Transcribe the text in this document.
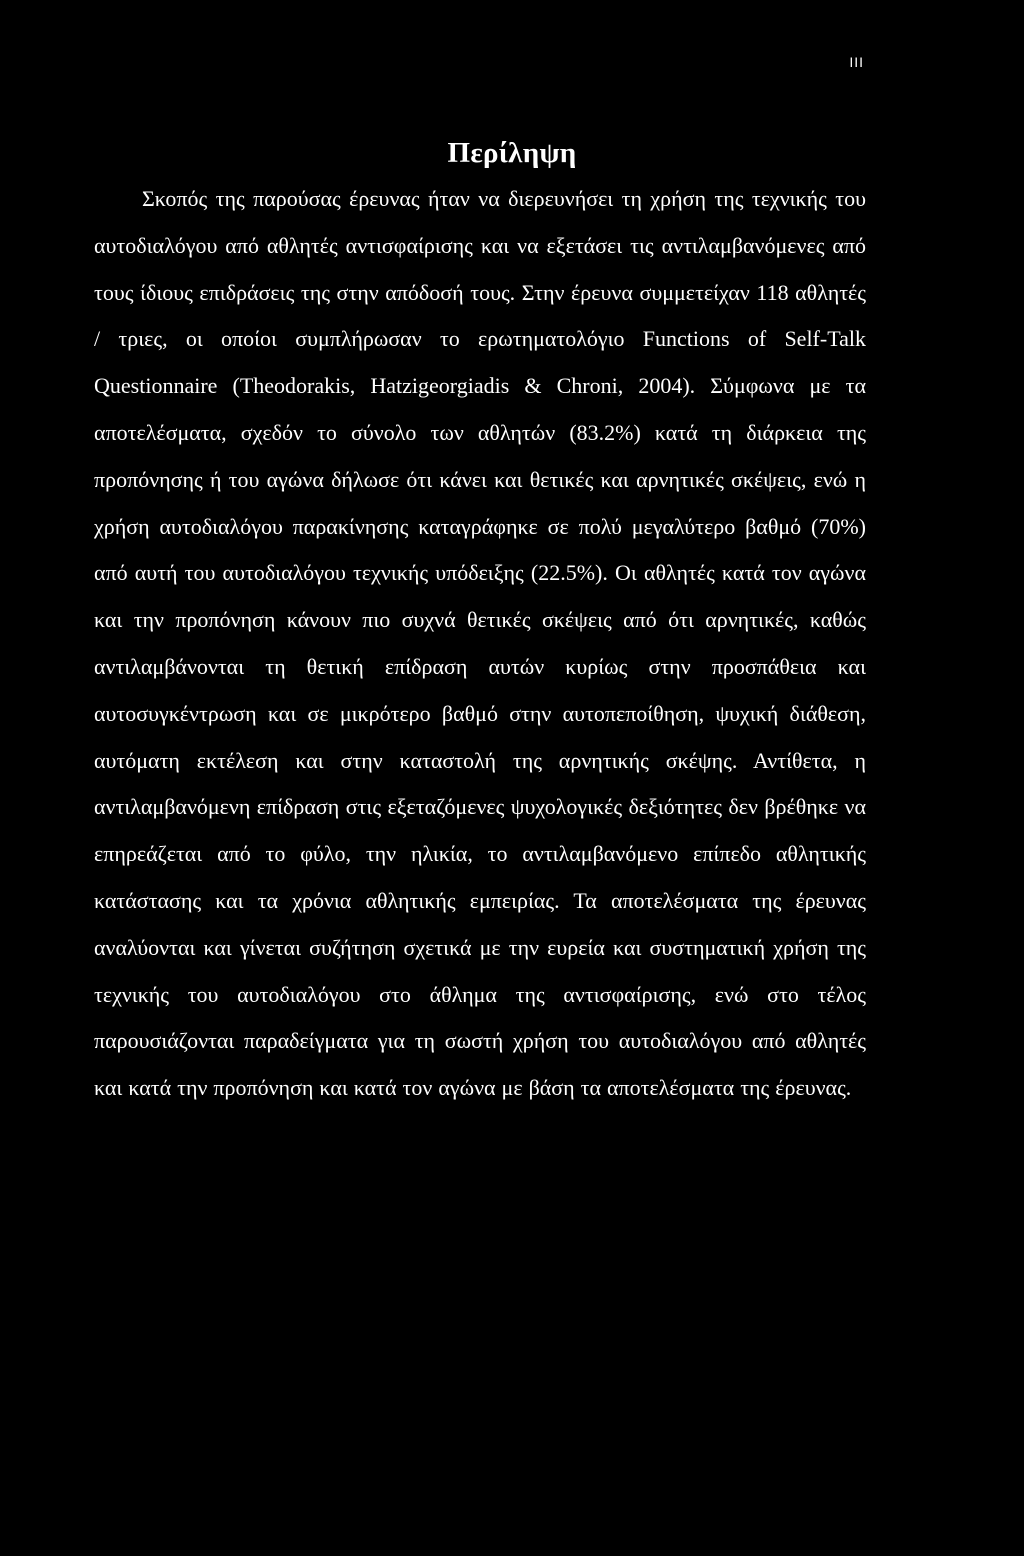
III
Περίληψη

Σκοπός της παρούσας έρευνας ήταν να διερευνήσει τη χρήση της τεχνικής του αυτοδιαλόγου από αθλητές αντισφαίρισης και να εξετάσει τις αντιλαμβανόμενες από τους ίδιους επιδράσεις της στην απόδοσή τους. Στην έρευνα συμμετείχαν 118 αθλητές / τριες, οι οποίοι συμπλήρωσαν το ερωτηματολόγιο Functions of Self-Talk Questionnaire (Theodorakis, Hatzigeorgiadis & Chroni, 2004). Σύμφωνα με τα αποτελέσματα, σχεδόν το σύνολο των αθλητών (83.2%) κατά τη διάρκεια της προπόνησης ή του αγώνα δήλωσε ότι κάνει και θετικές και αρνητικές σκέψεις, ενώ η χρήση αυτοδιαλόγου παρακίνησης καταγράφηκε σε πολύ μεγαλύτερο βαθμό (70%) από αυτή του αυτοδιαλόγου τεχνικής υπόδειξης (22.5%). Οι αθλητές κατά τον αγώνα και την προπόνηση κάνουν πιο συχνά θετικές σκέψεις από ότι αρνητικές, καθώς αντιλαμβάνονται τη θετική επίδραση αυτών κυρίως στην προσπάθεια και αυτοσυγκέντρωση και σε μικρότερο βαθμό στην αυτοπεποίθηση, ψυχική διάθεση, αυτόματη εκτέλεση και στην καταστολή της αρνητικής σκέψης. Αντίθετα, η αντιλαμβανόμενη επίδραση στις εξεταζόμενες ψυχολογικές δεξιότητες δεν βρέθηκε να επηρεάζεται από το φύλο, την ηλικία, το αντιλαμβανόμενο επίπεδο αθλητικής κατάστασης και τα χρόνια αθλητικής εμπειρίας. Τα αποτελέσματα της έρευνας αναλύονται και γίνεται συζήτηση σχετικά με την ευρεία και συστηματική χρήση της τεχνικής του αυτοδιαλόγου στο άθλημα της αντισφαίρισης, ενώ στο τέλος παρουσιάζονται παραδείγματα για τη σωστή χρήση του αυτοδιαλόγου από αθλητές και κατά την προπόνηση και κατά τον αγώνα με βάση τα αποτελέσματα της έρευνας.
